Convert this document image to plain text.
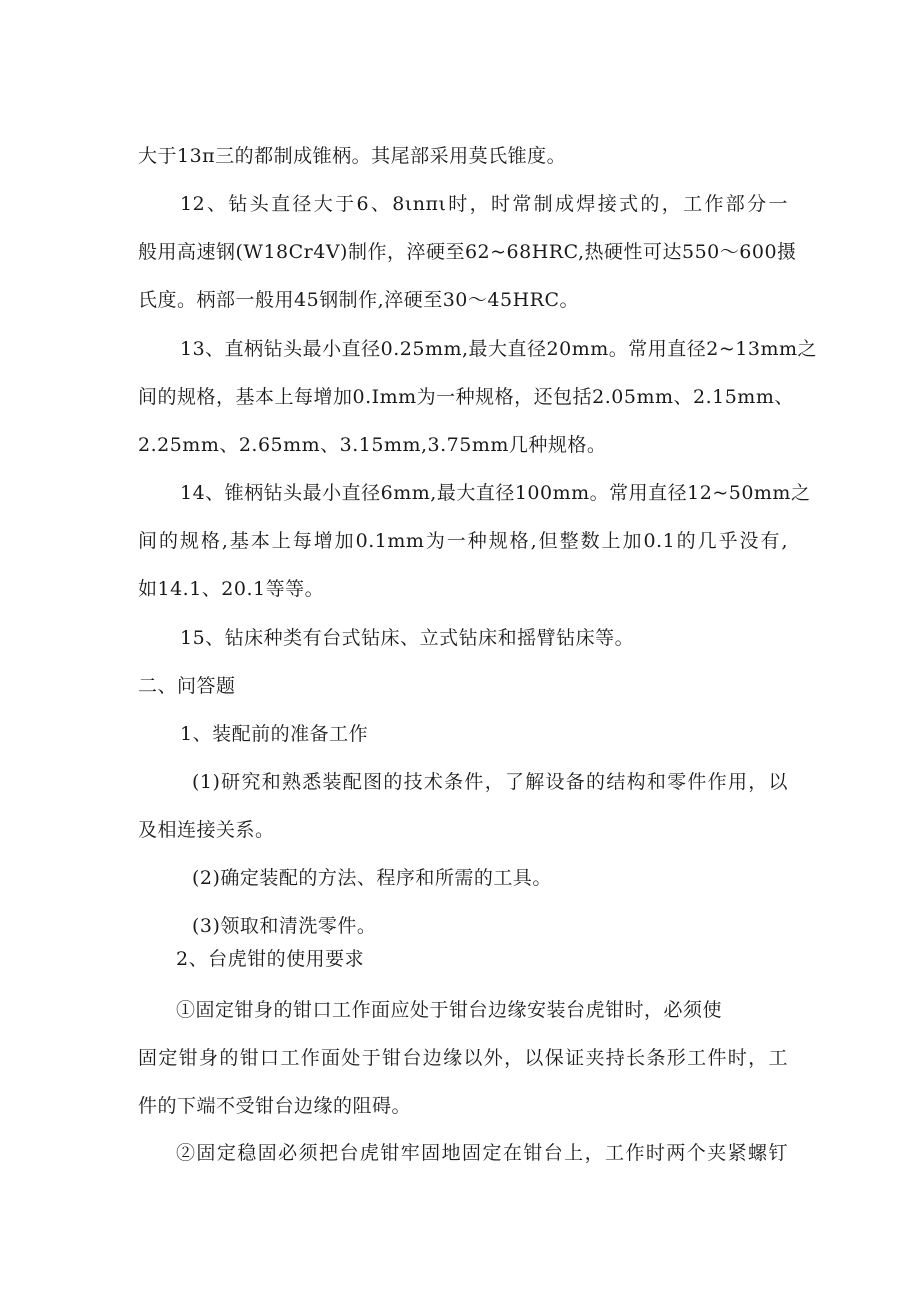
大于13π三的都制成锥柄。其尾部采用莫氏锥度。
12、钻头直径大于6、8ιnπι时，时常制成焊接式的，工作部分一
般用高速钢(W18Cr4V)制作，淬硬至62~68HRC,热硬性可达550～600摄
氏度。柄部一般用45钢制作,淬硬至30～45HRC。
13、直柄钻头最小直径0.25mm,最大直径20mm。常用直径2~13mm之
间的规格，基本上每增加0.Imm为一种规格，还包括2.05mm、2.15mm、
2.25mm、2.65mm、3.15mm,3.75mm几种规格。
14、锥柄钻头最小直径6mm,最大直径100mm。常用直径12~50mm之
间的规格,基本上每增加0.1mm为一种规格,但整数上加0.1的几乎没有,
如14.1、20.1等等。
15、钻床种类有台式钻床、立式钻床和摇臂钻床等。
二、问答题
1、装配前的准备工作
(1)研究和熟悉装配图的技术条件，了解设备的结构和零件作用，以
及相连接关系。
(2)确定装配的方法、程序和所需的工具。
(3)领取和清洗零件。
2、台虎钳的使用要求
①固定钳身的钳口工作面应处于钳台边缘安装台虎钳时，必须使
固定钳身的钳口工作面处于钳台边缘以外，以保证夹持长条形工件时，工
件的下端不受钳台边缘的阻碍。
②固定稳固必须把台虎钳牢固地固定在钳台上，工作时两个夹紧螺钉
